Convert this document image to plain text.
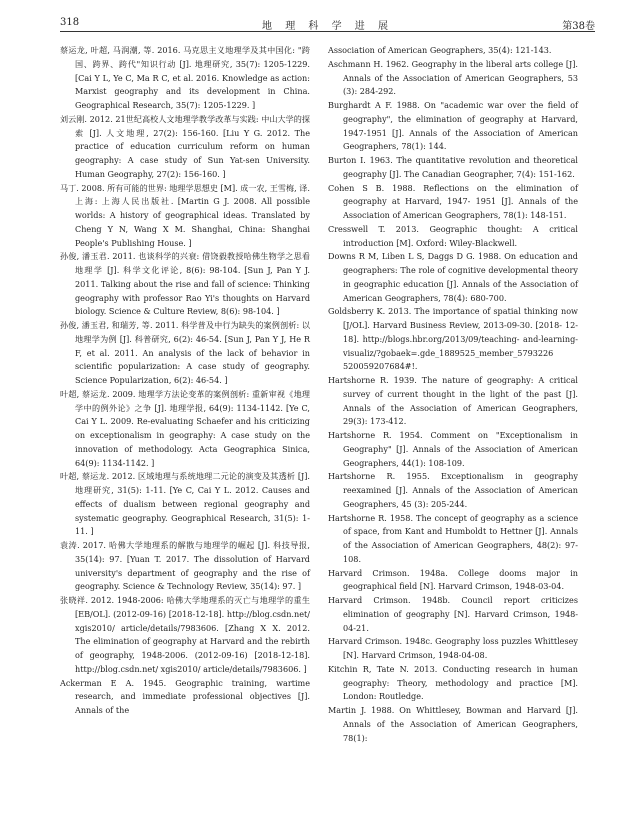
318	地 理 科 学 进 展	第38卷

蔡运龙, 叶超, 马润潮, 等. 2016. 马克思主义地理学及其中国化: "跨国、跨界、跨代"知识行动 [J]. 地理研究, 35(7): 1205-1229. [Cai Y L, Ye C, Ma R C, et al. 2016. Knowledge as action: Marxist geography and its development in China. Geographical Research, 35(7): 1205-1229. ]

刘云刚. 2012. 21世纪高校人文地理学教学改革与实践: 中山大学的探索 [J]. 人文地理, 27(2): 156-160. [Liu Y G. 2012. The practice of education curriculum reform on human geography: A case study of Sun Yat-sen University. Human Geography, 27(2): 156-160. ]

马丁. 2008. 所有可能的世界: 地理学思想史 [M]. 成一农, 王雪梅, 译. 上海: 上海人民出版社. [Martin G J. 2008. All possible worlds: A history of geographical ideas. Translated by Cheng Y N, Wang X M. Shanghai, China: Shanghai People's Publishing House. ]

孙俊, 潘玉君. 2011. 也谈科学的兴衰: 借饶毅教授哈佛生物学之思看地理学 [J]. 科学文化评论, 8(6): 98-104. [Sun J, Pan Y J. 2011. Talking about the rise and fall of science: Thinking geography with professor Rao Yi's thoughts on Harvard biology. Science & Culture Review, 8(6): 98-104. ]

孙俊, 潘玉君, 和瑞芳, 等. 2011. 科学普及中行为缺失的案例剖析: 以地理学为例 [J]. 科普研究, 6(2): 46-54. [Sun J, Pan Y J, He R F, et al. 2011. An analysis of the lack of behavior in scientific popularization: A case study of geography. Science Popularization, 6(2): 46-54. ]

叶超, 蔡运龙. 2009. 地理学方法论变革的案例剖析: 重新审视《地理学中的例外论》之争 [J]. 地理学报, 64(9): 1134-1142. [Ye C, Cai Y L. 2009. Re-evaluating Schaefer and his criticizing on exceptionalism in geography: A case study on the innovation of methodology. Acta Geographica Sinica, 64(9): 1134-1142. ]

叶超, 蔡运龙. 2012. 区域地理与系统地理二元论的演变及其透析 [J]. 地理研究, 31(5): 1-11. [Ye C, Cai Y L. 2012. Causes and effects of dualism between regional geography and systematic geography. Geographical Research, 31(5): 1-11. ]

袁涛. 2017. 哈佛大学地理系的解散与地理学的崛起 [J]. 科技导报, 35(14): 97. [Yuan T. 2017. The dissolution of Harvard university's department of geography and the rise of geography. Science & Technology Review, 35(14): 97. ]

张晓祥. 2012. 1948-2006: 哈佛大学地理系的灭亡与地理学的重生 [EB/OL]. (2012-09-16) [2018-12-18]. http://blog.csdn.net/ xgis2010/ article/details/7983606. [Zhang X X. 2012. The elimination of geography at Harvard and the rebirth of geography, 1948-2006. (2012-09-16) [2018-12-18]. http://blog.csdn.net/ xgis2010/ article/details/7983606. ]

Ackerman E A. 1945. Geographic training, wartime research, and immediate professional objectives [J]. Annals of the

Association of American Geographers, 35(4): 121-143.

Aschmann H. 1962. Geography in the liberal arts college [J]. Annals of the Association of American Geographers, 53 (3): 284-292.

Burghardt A F. 1988. On "academic war over the field of geography", the elimination of geography at Harvard, 1947-1951 [J]. Annals of the Association of American Geographers, 78(1): 144.

Burton I. 1963. The quantitative revolution and theoretical geography [J]. The Canadian Geographer, 7(4): 151-162.

Cohen S B. 1988. Reflections on the elimination of geography at Harvard, 1947- 1951 [J]. Annals of the Association of American Geographers, 78(1): 148-151.

Cresswell T. 2013. Geographic thought: A critical introduction [M]. Oxford: Wiley-Blackwell.

Downs R M, Liben L S, Daggs D G. 1988. On education and geographers: The role of cognitive developmental theory in geographic education [J]. Annals of the Association of American Geographers, 78(4): 680-700.

Goldsberry K. 2013. The importance of spatial thinking now [J/OL]. Harvard Business Review, 2013-09-30. [2018- 12- 18]. http://blogs.hbr.org/2013/09/teaching- and-learning- visualiz/?gobaek=.gde_1889525_member_5793226 520059207684#!.

Hartshorne R. 1939. The nature of geography: A critical survey of current thought in the light of the past [J]. Annals of the Association of American Geographers, 29(3): 173-412.

Hartshorne R. 1954. Comment on "Exceptionalism in Geography" [J]. Annals of the Association of American Geographers, 44(1): 108-109.

Hartshorne R. 1955. Exceptionalism in geography reexamined [J]. Annals of the Association of American Geographers, 45 (3): 205-244.

Hartshorne R. 1958. The concept of geography as a science of space, from Kant and Humboldt to Hettner [J]. Annals of the Association of American Geographers, 48(2): 97-108.

Harvard Crimson. 1948a. College dooms major in geographical field [N]. Harvard Crimson, 1948-03-04.

Harvard Crimson. 1948b. Council report criticizes elimination of geography [N]. Harvard Crimson, 1948-04-21.

Harvard Crimson. 1948c. Geography loss puzzles Whittlesey [N]. Harvard Crimson, 1948-04-08.

Kitchin R, Tate N. 2013. Conducting research in human geography: Theory, methodology and practice [M]. London: Routledge.

Martin J. 1988. On Whittlesey, Bowman and Harvard [J]. Annals of the Association of American Geographers, 78(1):
